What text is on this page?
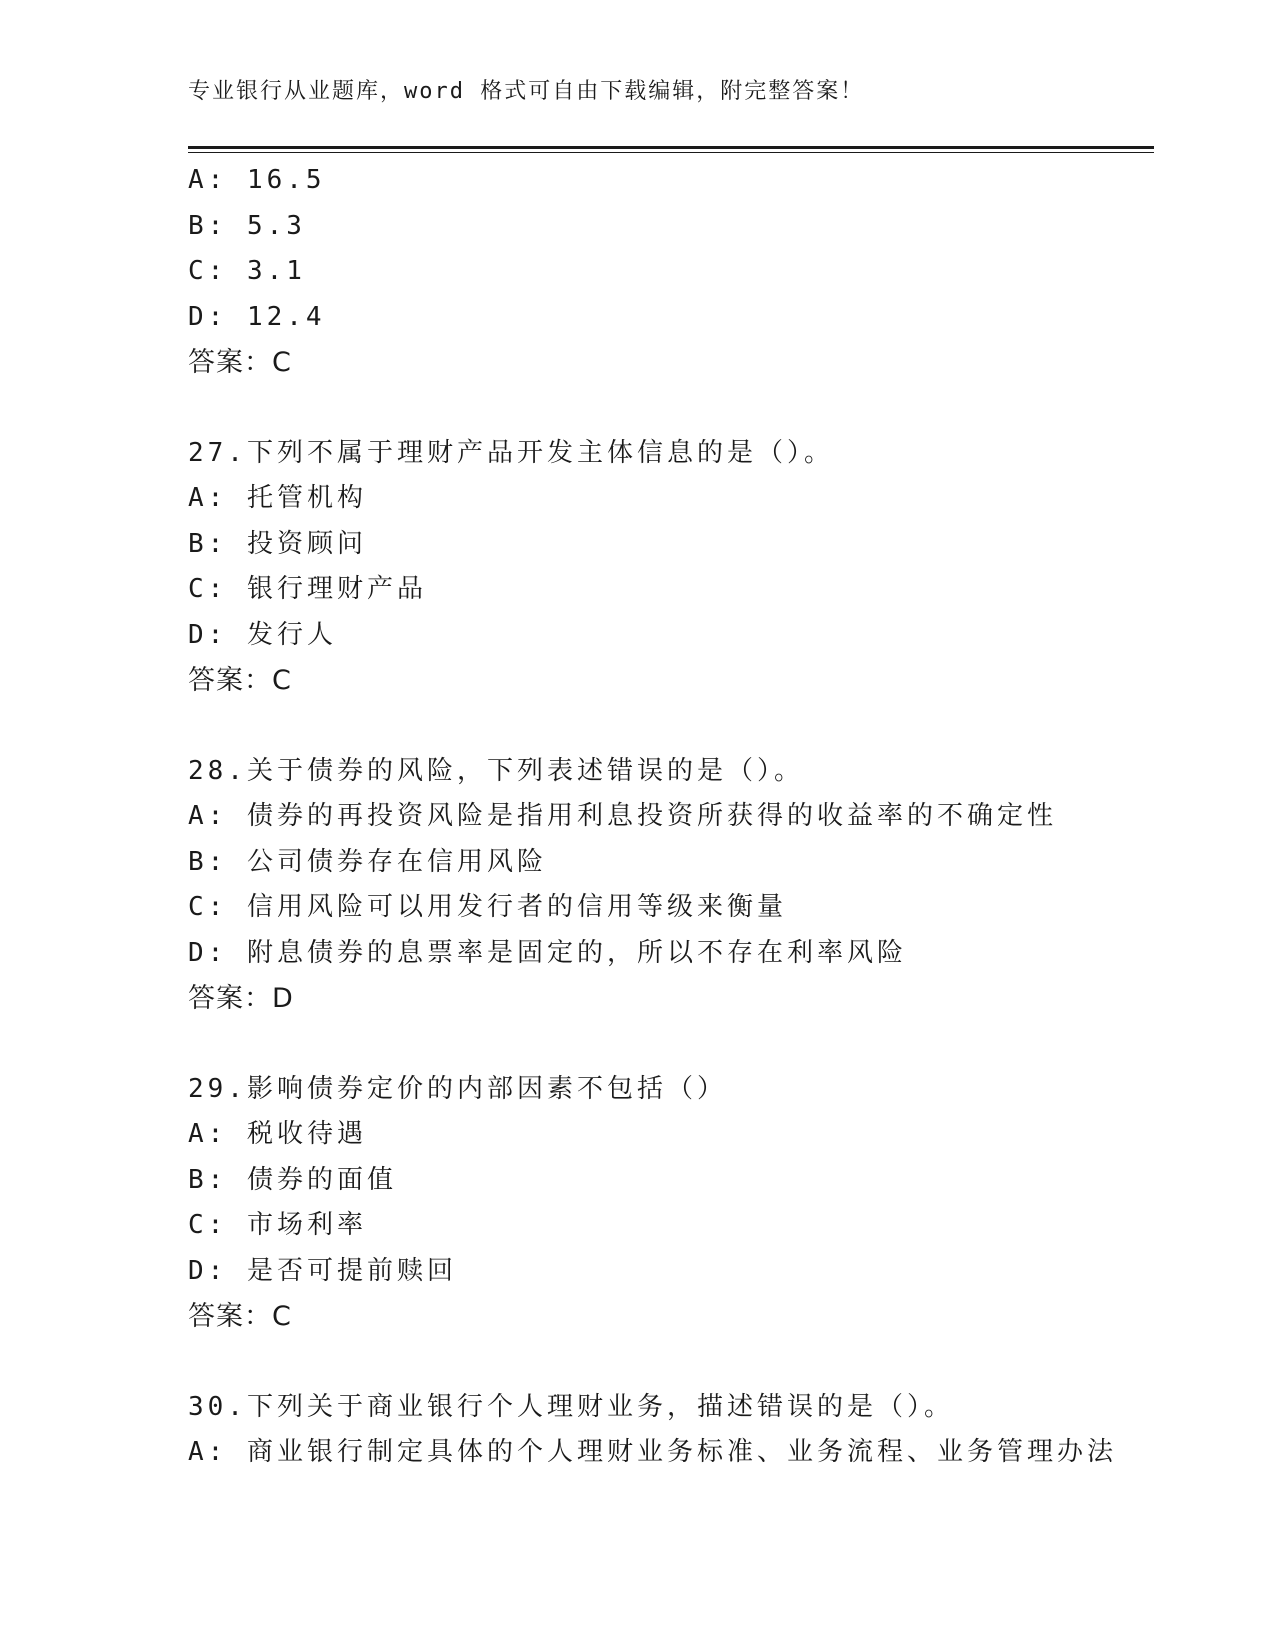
专业银行从业题库，word 格式可自由下载编辑，附完整答案！
A: 16.5
B: 5.3
C: 3.1
D: 12.4
答案：C
27.下列不属于理财产品开发主体信息的是（）。
A: 托管机构
B: 投资顾问
C: 银行理财产品
D: 发行人
答案：C
28.关于债券的风险，下列表述错误的是（）。
A: 债券的再投资风险是指用利息投资所获得的收益率的不确定性
B: 公司债券存在信用风险
C: 信用风险可以用发行者的信用等级来衡量
D: 附息债券的息票率是固定的，所以不存在利率风险
答案：D
29.影响债券定价的内部因素不包括（）
A: 税收待遇
B: 债券的面值
C: 市场利率
D: 是否可提前赎回
答案：C
30.下列关于商业银行个人理财业务，描述错误的是（）。
A: 商业银行制定具体的个人理财业务标准、业务流程、业务管理办法
